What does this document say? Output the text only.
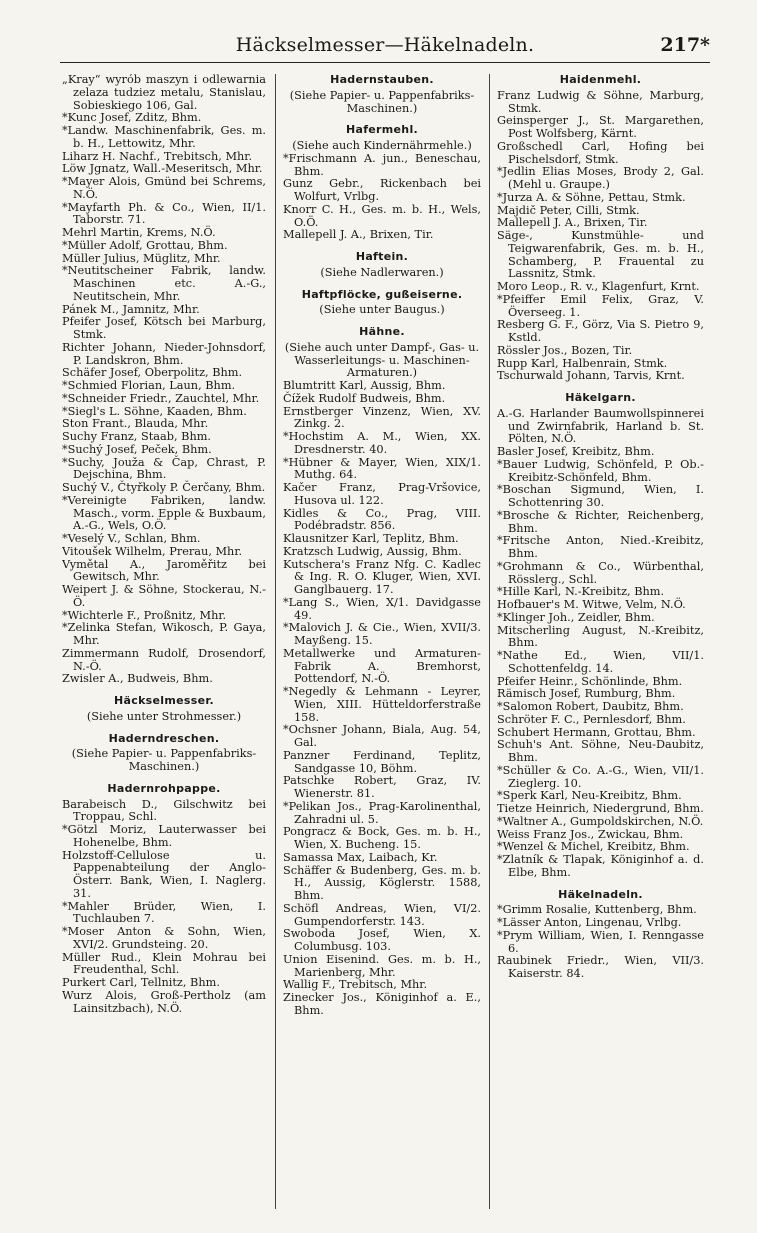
Häckselmesser—Häkelnadeln.	217*
„Kray“ wyrób maszyn i odlewarnia zelaza tudziez metalu, Stanislau, Sobieskiego 106, Gal.
*Kunc Josef, Zditz, Bhm.
*Landw. Maschinenfabrik, Ges. m. b. H., Lettowitz, Mhr.
Liharz H. Nachf., Trebitsch, Mhr.
Löw Jgnatz, Wall.-Meseritsch, Mhr.
*Mayer Alois, Gmünd bei Schrems, N.Ö.
*Mayfarth Ph. & Co., Wien, II/1. Taborstr. 71.
Mehrl Martin, Krems, N.Ö.
*Müller Adolf, Grottau, Bhm.
Müller Julius, Müglitz, Mhr.
*Neutitscheiner Fabrik, landw. Maschinen etc. A.-G., Neutitschein, Mhr.
Pánek M., Jamnitz, Mhr.
Pfeifer Josef, Kötsch bei Marburg, Stmk.
Richter Johann, Nieder-Johnsdorf, P. Landskron, Bhm.
Schäfer Josef, Oberpolitz, Bhm.
*Schmied Florian, Laun, Bhm.
*Schneider Friedr., Zauchtel, Mhr.
*Siegl's L. Söhne, Kaaden, Bhm.
Ston Frant., Blauda, Mhr.
Suchy Franz, Staab, Bhm.
*Suchý Josef, Peček, Bhm.
*Suchy, Jouža & Čap, Chrast, P. Dejschina, Bhm.
Suchý V., Čtyřkoly P. Čerčany, Bhm.
*Vereinigte Fabriken, landw. Masch., vorm. Epple & Buxbaum, A.-G., Wels, O.Ö.
*Veselý V., Schlan, Bhm.
Vitoušek Wilhelm, Prerau, Mhr.
Vymětal A., Jaroměřitz bei Gewitsch, Mhr.
Weipert J. & Söhne, Stockerau, N.-Ö.
*Wichterle F., Proßnitz, Mhr.
*Zelinka Stefan, Wikosch, P. Gaya, Mhr.
Zimmermann Rudolf, Drosendorf, N.-Ö.
Zwisler A., Budweis, Bhm.
Häckselmesser.
(Siehe unter Strohmesser.)
Haderndreschen.
(Siehe Papier- u. Pappenfabriks-Maschinen.)
Hadernrohpappe.
Barabeisch D., Gilschwitz bei Troppau, Schl.
*Götzl Moriz, Lauterwasser bei Hohenelbe, Bhm.
Holzstoff-Cellulose u. Pappenabteilung der Anglo-Österr. Bank, Wien, I. Naglerg. 31.
*Mahler Brüder, Wien, I. Tuchlauben 7.
*Moser Anton & Sohn, Wien, XVI/2. Grundsteing. 20.
Müller Rud., Klein Mohrau bei Freudenthal, Schl.
Purkert Carl, Tellnitz, Bhm.
Wurz Alois, Groß-Pertholz (am Lainsitzbach), N.Ö.
Hadernstauben.
(Siehe Papier- u. Pappenfabriks-Maschinen.)
Hafermehl.
(Siehe auch Kindernährmehle.)
*Frischmann A. jun., Beneschau, Bhm.
Gunz Gebr., Rickenbach bei Wolfurt, Vrlbg.
Knorr C. H., Ges. m. b. H., Wels, O.Ö.
Mallepell J. A., Brixen, Tir.
Haftein.
(Siehe Nadlerwaren.)
Haftpflöcke, gußeiserne.
(Siehe unter Baugus.)
Hähne.
(Siehe auch unter Dampf-, Gas- u. Wasserleitungs- u. Maschinen-Armaturen.)
Blumtritt Karl, Aussig, Bhm.
Čížek Rudolf Budweis, Bhm.
Ernstberger Vinzenz, Wien, XV. Zinkg. 2.
*Hochstim A. M., Wien, XX. Dresdnerstr. 40.
*Hübner & Mayer, Wien, XIX/1. Muthg. 64.
Kačer Franz, Prag-Vršovice, Husova ul. 122.
Kidles & Co., Prag, VIII. Podébradstr. 856.
Klausnitzer Karl, Teplitz, Bhm.
Kratzsch Ludwig, Aussig, Bhm.
Kutschera's Franz Nfg. C. Kadlec & Ing. R. O. Kluger, Wien, XVI. Ganglbauerg. 17.
*Lang S., Wien, X/1. Davidgasse 49.
*Malovich J. & Cie., Wien, XVII/3. Mayßeng. 15.
Metallwerke und Armaturen-Fabrik A. Bremhorst, Pottendorf, N.-Ö.
*Negedly & Lehmann - Leyrer, Wien, XIII. Hütteldorferstraße 158.
*Ochsner Johann, Biala, Aug. 54, Gal.
Panzner Ferdinand, Teplitz, Sandgasse 10, Böhm.
Patschke Robert, Graz, IV. Wienerstr. 81.
*Pelikan Jos., Prag-Karolinenthal, Zahradni ul. 5.
Pongracz & Bock, Ges. m. b. H., Wien, X. Bucheng. 15.
Samassa Max, Laibach, Kr.
Schäffer & Budenberg, Ges. m. b. H., Aussig, Köglerstr. 1588, Bhm.
Schöfl Andreas, Wien, VI/2. Gumpendorferstr. 143.
Swoboda Josef, Wien, X. Columbusg. 103.
Union Eisenind. Ges. m. b. H., Marienberg, Mhr.
Wallig F., Trebitsch, Mhr.
Zinecker Jos., Königinhof a. E., Bhm.
Haidenmehl.
Franz Ludwig & Söhne, Marburg, Stmk.
Geinsperger J., St. Margarethen, Post Wolfsberg, Kärnt.
Großschedl Carl, Hofing bei Pischelsdorf, Stmk.
*Jedlin Elias Moses, Brody 2, Gal. (Mehl u. Graupe.)
*Jurza A. & Söhne, Pettau, Stmk.
Majdič Peter, Cilli, Stmk.
Mallepell J. A., Brixen, Tir.
Säge-, Kunstmühle- und Teigwarenfabrik, Ges. m. b. H., Schamberg, P. Frauental zu Lassnitz, Stmk.
Moro Leop., R. v., Klagenfurt, Krnt.
*Pfeiffer Emil Felix, Graz, V. Överseeg. 1.
Resberg G. F., Görz, Via S. Pietro 9, Kstld.
Rössler Jos., Bozen, Tir.
Rupp Karl, Halbenrain, Stmk.
Tschurwald Johann, Tarvis, Krnt.
Häkelgarn.
A.-G. Harlander Baumwollspinnerei und Zwirnfabrik, Harland b. St. Pölten, N.Ö.
Basler Josef, Kreibitz, Bhm.
*Bauer Ludwig, Schönfeld, P. Ob.-Kreibitz-Schönfeld, Bhm.
*Boschan Sigmund, Wien, I. Schottenring 30.
*Brosche & Richter, Reichenberg, Bhm.
*Fritsche Anton, Nied.-Kreibitz, Bhm.
*Grohmann & Co., Würbenthal, Rösslerg., Schl.
*Hille Karl, N.-Kreibitz, Bhm.
Hofbauer's M. Witwe, Velm, N.Ö.
*Klinger Joh., Zeidler, Bhm.
Mitscherling August, N.-Kreibitz, Bhm.
*Nathe Ed., Wien, VII/1. Schottenfeldg. 14.
Pfeifer Heinr., Schönlinde, Bhm.
Rämisch Josef, Rumburg, Bhm.
*Salomon Robert, Daubitz, Bhm.
Schröter F. C., Pernlesdorf, Bhm.
Schubert Hermann, Grottau, Bhm.
Schuh's Ant. Söhne, Neu-Daubitz, Bhm.
*Schüller & Co. A.-G., Wien, VII/1. Zieglerg. 10.
*Sperk Karl, Neu-Kreibitz, Bhm.
Tietze Heinrich, Niedergrund, Bhm.
*Waltner A., Gumpoldskirchen, N.Ö.
Weiss Franz Jos., Zwickau, Bhm.
*Wenzel & Michel, Kreibitz, Bhm.
*Zlatník & Tlapak, Königinhof a. d. Elbe, Bhm.
Häkelnadeln.
*Grimm Rosalie, Kuttenberg, Bhm.
*Lässer Anton, Lingenau, Vrlbg.
*Prym William, Wien, I. Renngasse 6.
Raubinek Friedr., Wien, VII/3. Kaiserstr. 84.
